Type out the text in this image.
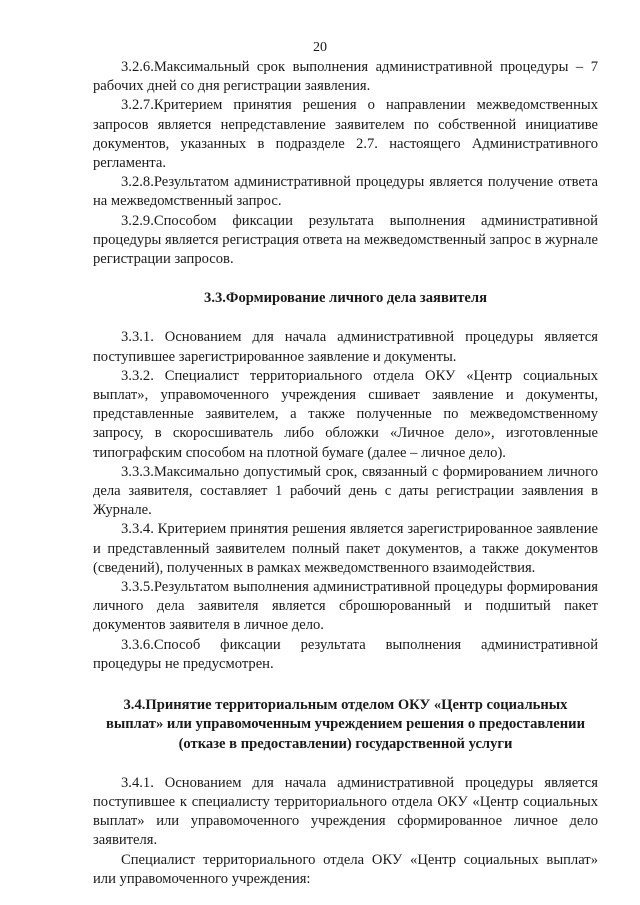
20

3.2.6.Максимальный срок выполнения административной процедуры – 7 рабочих дней со дня регистрации заявления.

3.2.7.Критерием принятия решения о направлении межведомственных запросов является непредставление заявителем по собственной инициативе документов, указанных в подразделе 2.7. настоящего Административного регламента.

3.2.8.Результатом административной процедуры является получение ответа на межведомственный запрос.

3.2.9.Способом фиксации результата выполнения административной процедуры является регистрация ответа на межведомственный запрос в журнале регистрации запросов.

3.3.Формирование личного дела заявителя

3.3.1. Основанием для начала административной процедуры является поступившее зарегистрированное заявление и документы.

3.3.2. Специалист территориального отдела ОКУ «Центр социальных выплат», управомоченного учреждения сшивает заявление и документы, представленные заявителем, а также полученные по межведомственному запросу, в скоросшиватель либо обложки «Личное дело», изготовленные типографским способом на плотной бумаге (далее – личное дело).

3.3.3.Максимально допустимый срок, связанный с формированием личного дела заявителя, составляет 1 рабочий день с даты регистрации заявления в Журнале.

3.3.4. Критерием принятия решения является зарегистрированное заявление и представленный заявителем полный пакет документов, а также документов (сведений), полученных в рамках межведомственного взаимодействия.

3.3.5.Результатом выполнения административной процедуры формирования личного дела заявителя является сброшюрованный и подшитый пакет документов заявителя в личное дело.

3.3.6.Способ фиксации результата выполнения административной процедуры не предусмотрен.

3.4.Принятие территориальным отделом ОКУ «Центр социальных
выплат» или управомоченным учреждением решения о предоставлении
(отказе в предоставлении) государственной услуги

3.4.1. Основанием для начала административной процедуры является поступившее к специалисту территориального отдела ОКУ «Центр социальных выплат» или управомоченного учреждения сформированное личное дело заявителя.

Специалист территориального отдела ОКУ «Центр социальных выплат» или управомоченного учреждения:
